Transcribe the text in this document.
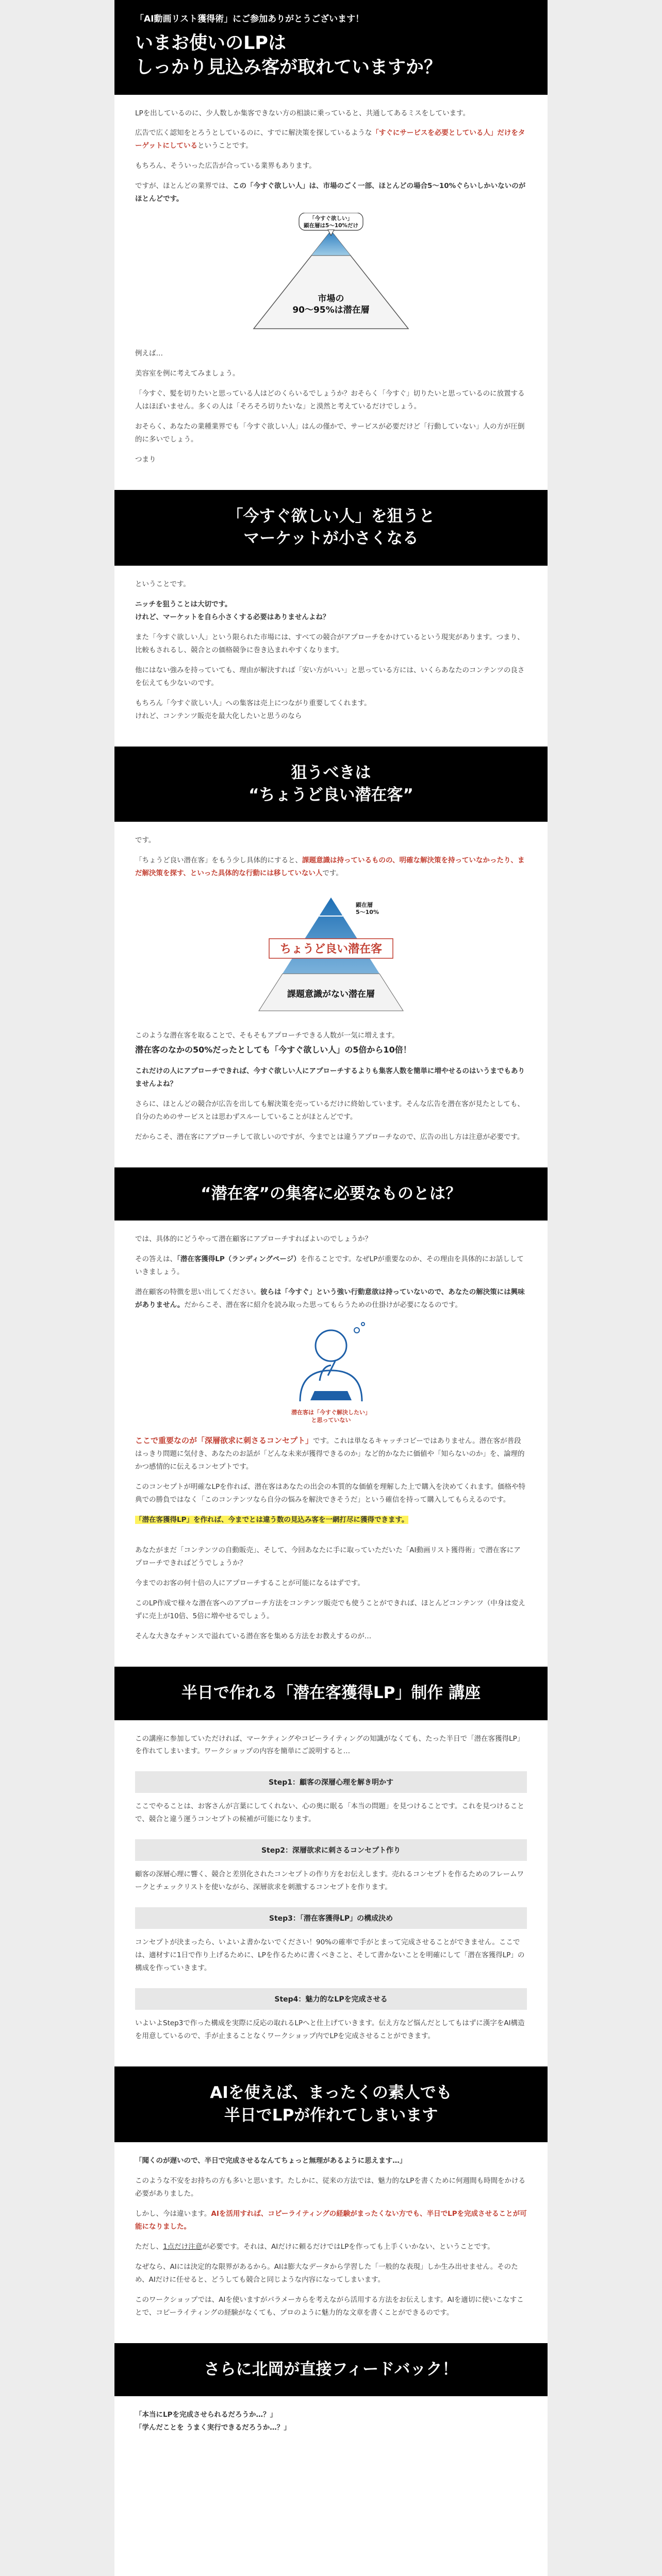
「AI動画リスト獲得術」にご参加ありがとうございます！
いまお使いのLPは
しっかり見込み客が取れていますか？

LPを出しているのに、少人数しか集客できない方の相談に乗っていると、共通してあるミスをしています。

広告で広く認知をとろうとしているのに、すでに解決策を探しているような「すぐにサービスを必要としている人」だけをターゲットにしているということです。

もちろん、そういった広告が合っている業界もあります。

ですが、ほとんどの業界では、この「今すぐ欲しい人」は、市場のごく一部、ほとんどの場合5〜10%ぐらいしかいないのがほとんどです。

「今すぐ欲しい」
顕在層は5〜10%だけ
市場の
90〜95%は潜在層

例えば…

美容室を例に考えてみましょう。

「今すぐ、髪を切りたいと思っている人はどのくらいるでしょうか？おそらく「今すぐ」切りたいと思っているのに放置する人はほぼいません。多くの人は「そろそろ切りたいな」と漠然と考えているだけでしょう。

おそらく、あなたの業種業界でも「今すぐ欲しい人」はんの僅かで、サービスが必要だけど「行動していない」人の方が圧倒的に多いでしょう。

つまり

「今すぐ欲しい人」を狙うと
マーケットが小さくなる

ということです。

ニッチを狙うことは大切です。
けれど、マーケットを自ら小さくする必要はありませんよね？

また「今すぐ欲しい人」という限られた市場には、すべての競合がアプローチをかけているという現実があります。つまり、比較もされるし、競合との価格競争に巻き込まれやすくなります。

他にはない強みを持っていても、理由が解決すれば「安い方がいい」と思っている方には、いくらあなたのコンテンツの良さを伝えても少ないのです。

もちろん「今すぐ欲しい人」への集客は売上につながり重要してくれます。
けれど、コンテンツ販売を最大化したいと思うのなら

狙うべきは
“ちょうど良い潜在客”

です。

「ちょうど良い潜在客」をもう少し具体的にすると、課題意識は持っているものの、明確な解決策を持っていなかったり、まだ解決策を探す、といった具体的な行動には移していない人です。

顕在層
5〜10%
ちょうど良い潜在客
課題意識がない潜在層

このような潜在客を取ることで、そもそもアプローチできる人数が一気に増えます。
潜在客のなかの50%だったとしても「今すぐ欲しい人」の5倍から10倍！

これだけの人にアプローチできれば、今すぐ欲しい人にアプローチするよりも集客人数を簡単に増やせるのはいうまでもありませんよね？

さらに、ほとんどの競合が広告を出しても解決策を売っているだけに終始しています。そんな広告を潜在客が見たとしても、自分のためのサービスとは思わずスルーしていることがほとんどです。

だからこそ、潜在客にアプローチして欲しいのですが、今までとは違うアプローチなので、広告の出し方は注意が必要です。

“潜在客”の集客に必要なものとは？

では、具体的にどうやって潜在顧客にアプローチすればよいのでしょうか？

その答えは、「潜在客獲得LP（ランディングページ）を作ることです。なぜLPが重要なのか、その理由を具体的にお話ししていきましょう。

潜在顧客の特徴を思い出してください。彼らは「今すぐ」という強い行動意欲は持っていないので、あなたの解決策には興味がありません。だからこそ、潜在客に紹介を読み取った思ってもらうための仕掛けが必要になるのです。

潜在客は「今すぐ解決したい」
と思っていない

ここで重要なのが「深層欲求に刺さるコンセプト」です。これは単なるキャッチコピーではありません。潜在客が普段はっきり問題に気付き、あなたのお話が「どんな未来が獲得できるのか」など的かなたに価値や「知らないのか」を、論理的かつ感情的に伝えるコンセプトです。

このコンセプトが明確なLPを作れば、潜在客はあなたの出会の本質的な価値を理解した上で購入を決めてくれます。価格や特典での勝負ではなく「このコンテンツなら自分の悩みを解決できそうだ」という確信を持って購入してもらえるのです。

「潜在客獲得LP」を作れば、今までとは違う数の見込み客を一網打尽に獲得できます。

あなたがまだ「コンテンツの自動販売」、そして、今回あなたに手に取っていただいた「AI動画リスト獲得術」で潜在客にアプローチできればどうでしょうか？

今までのお客の何十倍の人にアプローチすることが可能になるはずです。

このLP作成で様々な潜在客へのアプローチ方法をコンテンツ販売でも使うことができれば、ほとんどコンテンツ（中身は変えずに売上が10倍、5倍に増やせるでしょう。

そんな大きなチャンスで溢れている潜在客を集める方法をお教えするのが…

半日で作れる「潜在客獲得LP」制作 講座

この講座に参加していただければ、マーケティングやコピーライティングの知識がなくても、たった半日で「潜在客獲得LP」を作れてしまいます。ワークショップの内容を簡単にご説明すると…

Step1：顧客の深層心理を解き明かす

ここでやることは、お客さんが言葉にしてくれない、心の奥に眠る「本当の問題」を見つけることです。これを見つけることで、競合と違う運うコンセプトの候補が可能になります。

Step2：深層欲求に刺さるコンセプト作り

顧客の深層心理に響く、競合と差別化されたコンセプトの作り方をお伝えします。売れるコンセプトを作るためのフレームワークとチェックリストを使いながら、深層欲求を刺激するコンセプトを作ります。

Step3：「潜在客獲得LP」の構成決め

コンセプトが決まったら、いよいよ書かないでください！90%の確率で手がとまって完成させることができません。ここでは、適材すに1日で作り上げるために、LPを作るために書くべきこと、そして書かないことを明確にして「潜在客獲得LP」の構成を作っていきます。

Step4：魅力的なLPを完成させる

いよいよStep3で作った構成を実際に反応の取れるLPへと仕上げていきます。伝え方など悩んだとしてもはずに漢字をAI構造を用意しているので、手が止まることなくワークショップ内でLPを完成させることができます。

AIを使えば、まったくの素人でも
半日でLPが作れてしまいます

「聞くのが遅いので、半日で完成させるなんてちょっと無理があるように思えます…」

このような不安をお持ちの方も多いと思います。たしかに、従来の方法では、魅力的なLPを書くために何週間も時間をかける必要がありました。

しかし、今は違います。AIを活用すれば、コピーライティングの経験がまったくない方でも、半日でLPを完成させることが可能になりました。

ただし、1点だけ注意が必要です。それは、AIだけに頼るだけではLPを作っても上手くいかない、ということです。

なぜなら、AIには決定的な限界があるから。AIは膨大なデータから学習した「一般的な表現」しか生み出せません。そのため、AIだけに任せると、どうしても競合と同じような内容になってしまいます。

このワークショップでは、AIを使いますがパラメーカらを考えながら活用する方法をお伝えします。AIを適切に使いこなすことで、コピーライティングの経験がなくても、プロのように魅力的な文章を書くことができるのです。

さらに北岡が直接フィードバック！

「本当にLPを完成させられるだろうか…？」
「学んだことを うまく実行できるだろうか…？」
